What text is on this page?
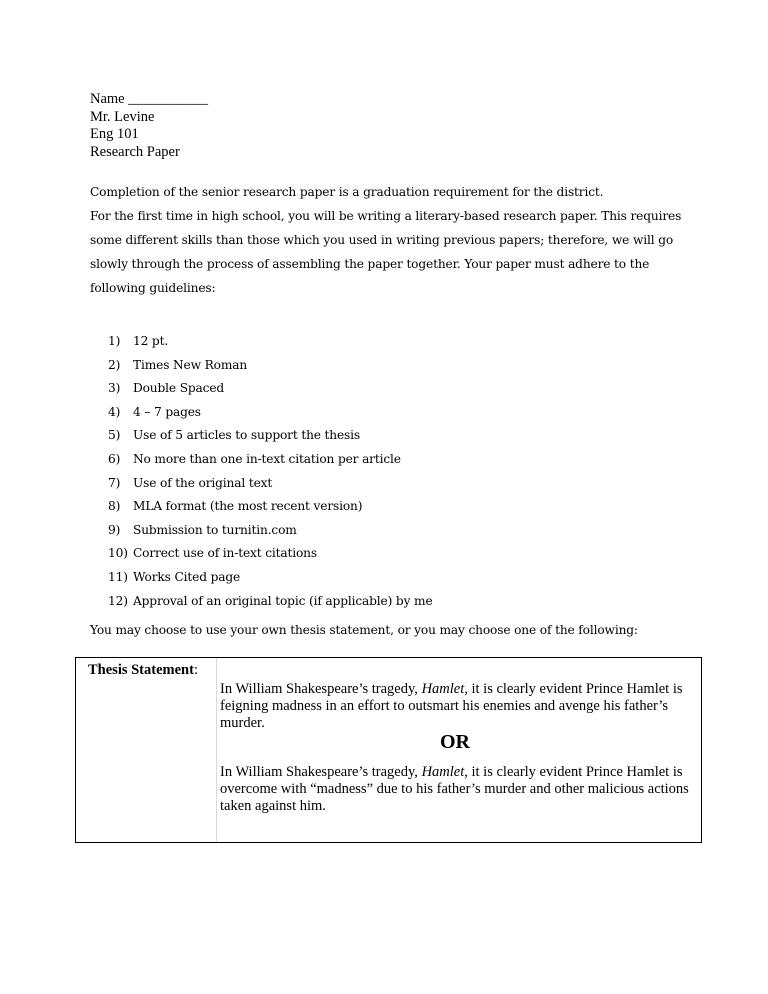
Name ___________
Mr. Levine
Eng 101
Research Paper

Completion of the senior research paper is a graduation requirement for the district.

For the first time in high school, you will be writing a literary-based research paper. This requires some different skills than those which you used in writing previous papers; therefore, we will go slowly through the process of assembling the paper together. Your paper must adhere to the following guidelines:

1)	12 pt.
2)	Times New Roman
3)	Double Spaced
4)	4 – 7 pages
5)	Use of 5 articles to support the thesis
6)	No more than one in-text citation per article
7)	Use of the original text
8)	MLA format (the most recent version)
9)	Submission to turnitin.com
10) Correct use of in-text citations
11) Works Cited page
12) Approval of an original topic (if applicable) by me
You may choose to use your own thesis statement, or you may choose one of the following:
Thesis Statement:
In William Shakespeare’s tragedy, Hamlet, it is clearly evident Prince Hamlet is feigning madness in an effort to outsmart his enemies and avenge his father’s murder.
OR
In William Shakespeare’s tragedy, Hamlet, it is clearly evident Prince Hamlet is overcome with “madness” due to his father’s murder and other malicious actions taken against him.
